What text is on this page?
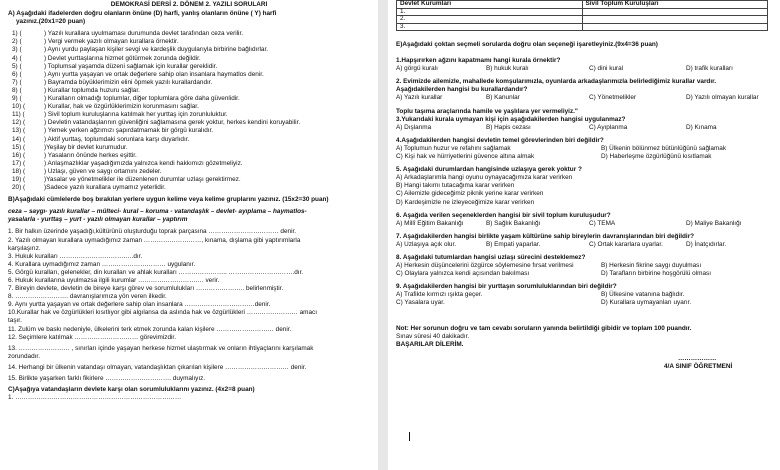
DEMOKRASİ DERSİ 2. DÖNEM 2. YAZILI SORULARI
A) Aşağıdaki ifadelerden doğru olanların önüne (D) harfi, yanlış olanların önüne ( Y) harfi
yazınız.(20x1=20 puan)
1) (	) Yazılı kurallara uyulmaması durumunda devlet tarafından ceza verilir.
2) (	) Vergi vermek yazılı olmayan kurallara örnektir.
3) (	) Aynı yurdu paylaşan kişiler sevgi ve kardeşlik duygularıyla birbirine bağlıdırlar.
4) (	) Devlet yurttaşlarına hizmet götürmek zorunda değildir.
5) (	) Toplumsal yaşamda düzeni sağlamak için kurallar gereklidir.
6) (	) Aynı yurtta yaşayan ve ortak değerlere sahip olan insanlara haymatlos denir.
7) (	) Bayramda büyüklerimizin elini öpmek yazılı kurallardandır.
8) (	) Kurallar toplumda huzuru sağlar.
9) (	) Kuralların olmadığı toplumlar, diğer toplumlara göre daha güvenlidir.
10) (	) Kurallar, hak ve özgürlüklerimizin korunmasını sağlar.
11) (	) Sivil toplum kuruluşlarına katılmak her yurttaş için zorunluluktur.
12) (	) Devletin vatandaşlarının güvenliğini sağlamasına gerek yoktur, herkes kendini koruyabilir.
13) (	) Yemek yerken ağzımızı şapırdatmamak bir görgü kuralıdır.
14) (	) Aktif yurttaş, toplumdaki sorunlara karşı duyarlıdır.
15) (	)Yeşilay bir devlet kurumudur.
16) (	) Yasaların önünde herkes eşittir.
17) (	) Anlaşmazlıklar yaşadığımızda yalnızca kendi hakkımızı gözetmeliyiz.
18) (	) Uzlaşı, güven ve saygı ortamını zedeler.
19) (	)Yasalar ve yönetmelikler ile düzenlenen durumlar uzlaşı gerektirmez.
20) (	)Sadece yazılı kurallara uymamız yeterlidir.
B)Aşağıdaki cümlelerde boş bırakılan yerlere uygun kelime veya kelime gruplarını yazınız. (15x2=30 puan)
ceza – saygı- yazılı kurallar – mülteci- kural – koruma - vatandaşlık – devlet- ayıplama – haymatlos-
yasalarla - yurttaş – yurt - yazılı olmayan kurallar – yaptırım
1. Bir halkın üzerinde yaşadığı,kültürünü oluşturduğu toprak parçasına …………………………… denir.
2. Yazılı olmayan kurallara uymadığımız zaman ………………………, kınama, dışlama gibi yaptırımlarla
karşılaşırız.
3. Hukuk kuralları ……………………………..dır.
4. Kurallara uymadığımız zaman ………………………… uygulanır.
5. Görgü kuralları, gelenekler, din kuralları ve ahlak kuralları ………………….. ………………………….dır.
6. Hukuk kurallarına uyulmazsa ilgili kurumlar …………………………. verir.
7. Bireyin devlete, devletin de bireye karşı görev ve sorumlulukları ………………….. belirlenmiştir.
8. ……………………. davranışlarımıza yön veren ilkedir.
9. Aynı yurtta yaşayan ve ortak değerlere sahip olan insanlara ……………………………denir.
10.Kurallar hak ve özgürlükleri kısıtlıyor gibi algılansa da aslında hak ve özgürlükleri …………………… amacı
taşır.
11. Zulüm ve baskı nedeniyle, ülkelerini terk etmek zorunda kalan kişilere ……………………… denir.
12. Seçimlere katılmak ………………………… görevimizdir.
13. …………………… , sınırları içinde yaşayan herkese hizmet ulaştırmak ve onların ihtiyaçlarını karşılamak
zorundadır.
14. Herhangi bir ülkenin vatandaşı olmayan, vatandaşlıktan çıkarılan kişilere ………………………… denir.
15. Birlikte yaşarken farklı fikirlere …………………………. duymalıyız.
C)Aşağıya vatandaşların devlete karşı olan sorumluluklarını yazınız. (4x2=8 puan)
1. ……………………………………………………………………
Devlet Kurumları	Sivil Toplum Kuruluşları
1.	
2.	
3.	
E)Aşağıdaki çoktan seçmeli sorularda doğru olan seçeneği işaretleyiniz.(9x4=36 puan)
1.Hapşırırken ağzını kapatmamı hangi kurala örnektir?
A) görgü kuralı	B) hukuk kuralı	C) dini kural	D) trafik kuralları
2. Evimizde ailemizle, mahallede komşularımızla, oyunlarda arkadaşlarımızla belirlediğimiz kurallar vardır.
Aşağıdakilerden hangisi bu kurallardandır?
A) Yazılı kurallar	B) Kanunlar	C) Yönetmelikler	D) Yazılı olmayan kurallar
Toplu taşıma araçlarında hamile ve yaşlılara yer vermeliyiz."
3.Yukarıdaki kurala uymayan kişi için aşağıdakilerden hangisi uygulanmaz?
A) Dışlanma	B) Hapis cezası	C) Ayıplanma	D) Kınama
4.Aşağıdakilerden hangisi devletin temel görevlerinden biri değildir?
A) Toplumun huzur ve refahını sağlamak	B) Ülkenin bölünmez bütünlüğünü sağlamak
C) Kişi hak ve hürriyetlerini güvence altına almak	D) Haberleşme özgürlüğünü kısıtlamak
5. Aşağıdaki durumlardan hangisinde uzlaşıya gerek yoktur ?
A) Arkadaşlarımla hangi oyunu oynayacağımıza karar verirken
B) Hangi takımı tutacağıma karar verirken
C) Ailemizle gideceğimiz piknik yerine karar verirken
D) Kardeşimizle ne izleyeceğimize karar verirken
6. Aşağıda verilen seçeneklerden hangisi bir sivil toplum kuruluşudur?
A) Millî Eğitim Bakanlığı	B) Sağlık Bakanlığı	C) TEMA	D) Maliye Bakanlığı
7. Aşağıdakilerden hangisi birlikte yaşam kültürüne sahip bireylerin davranışlarından biri değildir?
A) Uzlaşıya açık olur.	B) Empati yaparlar.	C) Ortak kararlara uyarlar.	D) İnatçıdırlar.
8. Aşağıdaki tutumlardan hangisi uzlaşı sürecini desteklemez?
A) Herkesin düşüncelerini özgürce söylemesine fırsat verilmesi	B) Herkesin fikrine saygı duyulması
C) Olaylara yalnızca kendi açısından bakılması	D) Tarafların birbirine hoşgörülü olması
9. Aşağıdakilerden hangisi bir yurttaşın sorumluluklarından biri değildir?
A) Trafikte kırmızı ışıkta geçer.	B) Ülkesine vatanına bağlıdır.
C) Yasalara uyar.	D) Kurallara uymayanları uyarır.
Not: Her sorunun doğru ve tam cevabı soruların yanında belirtildiği gibidir ve toplam 100 puandır.
Sınav süresi 40 dakikadır.
BAŞARILAR DİLERİM.
………………
4/A SINIF ÖĞRETMENİ
